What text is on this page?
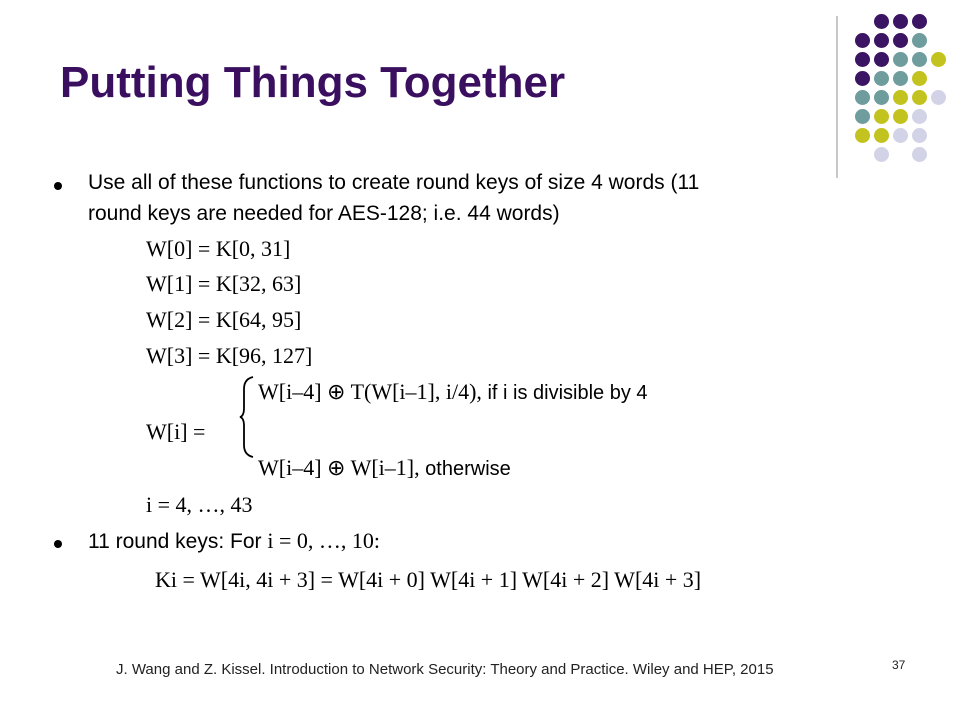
Putting Things Together
Use all of these functions to create round keys of size 4 words (11
round keys are needed for AES-128; i.e. 44 words)
W[0] = K[0, 31]
W[1] = K[32, 63]
W[2] = K[64, 95]
W[3] = K[96, 127]
W[i–4] ⊕ T(W[i–1], i/4), if i is divisible by 4
W[i] =
W[i–4] ⊕ W[i–1], otherwise
i = 4, …, 43
11 round keys: For i = 0, …, 10:
Ki = W[4i, 4i + 3] = W[4i + 0] W[4i + 1] W[4i + 2] W[4i + 3]
J. Wang and Z. Kissel. Introduction to Network Security: Theory and Practice. Wiley and HEP, 2015	37
